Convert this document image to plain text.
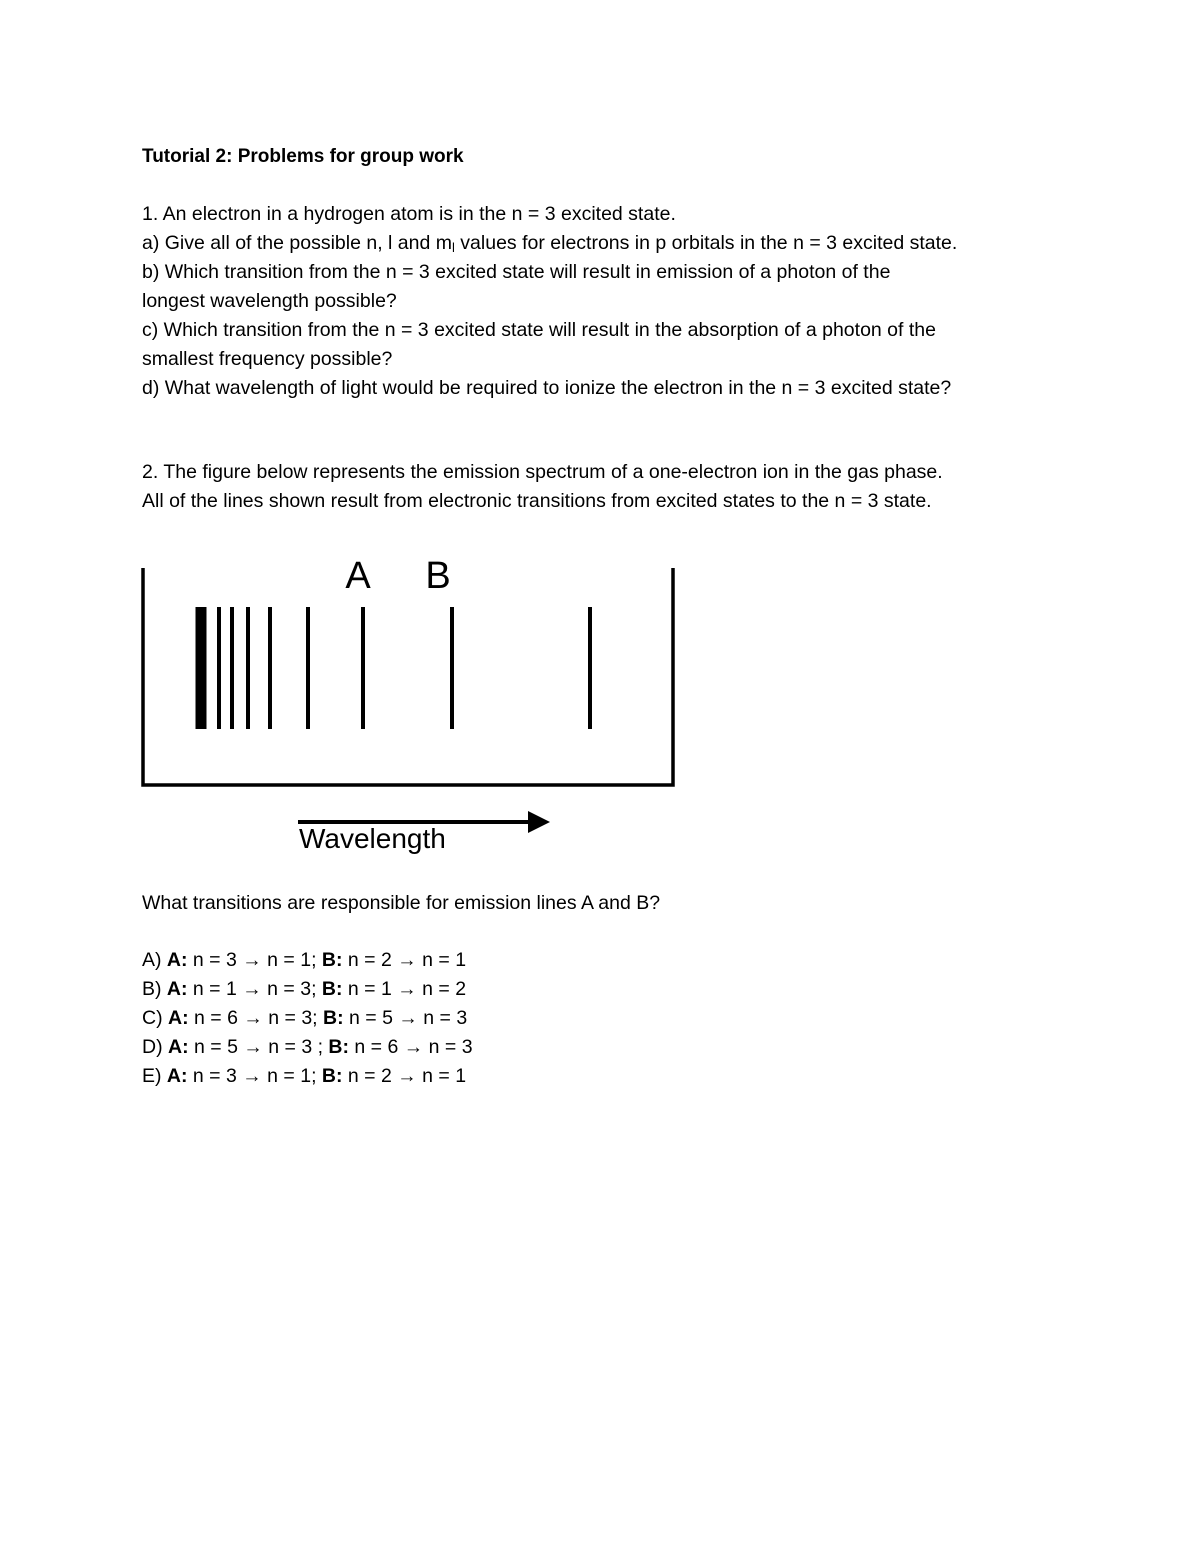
Tutorial 2: Problems for group work
1. An electron in a hydrogen atom is in the n = 3 excited state.
a) Give all of the possible n, l and $m_l$ values for electrons in p orbitals in the n = 3 excited state.
b) Which transition from the n = 3 excited state will result in emission of a photon of the
longest wavelength possible?
c) Which transition from the n = 3 excited state will result in the absorption of a photon of the
smallest frequency possible?
d) What wavelength of light would be required to ionize the electron in the n = 3 excited state?
2. The figure below represents the emission spectrum of a one-electron ion in the gas phase.
All of the lines shown result from electronic transitions from excited states to the n = 3 state.
A B
Wavelength
What transitions are responsible for emission lines A and B?
A) A: n = 3 → n = 1; B: n = 2 → n = 1
B) A: n = 1 → n = 3; B: n = 1 → n = 2
C) A: n = 6 → n = 3; B: n = 5 → n = 3
D) A: n = 5 → n = 3 ; B: n = 6 → n = 3
E) A: n = 3 → n = 1; B: n = 2 → n = 1
